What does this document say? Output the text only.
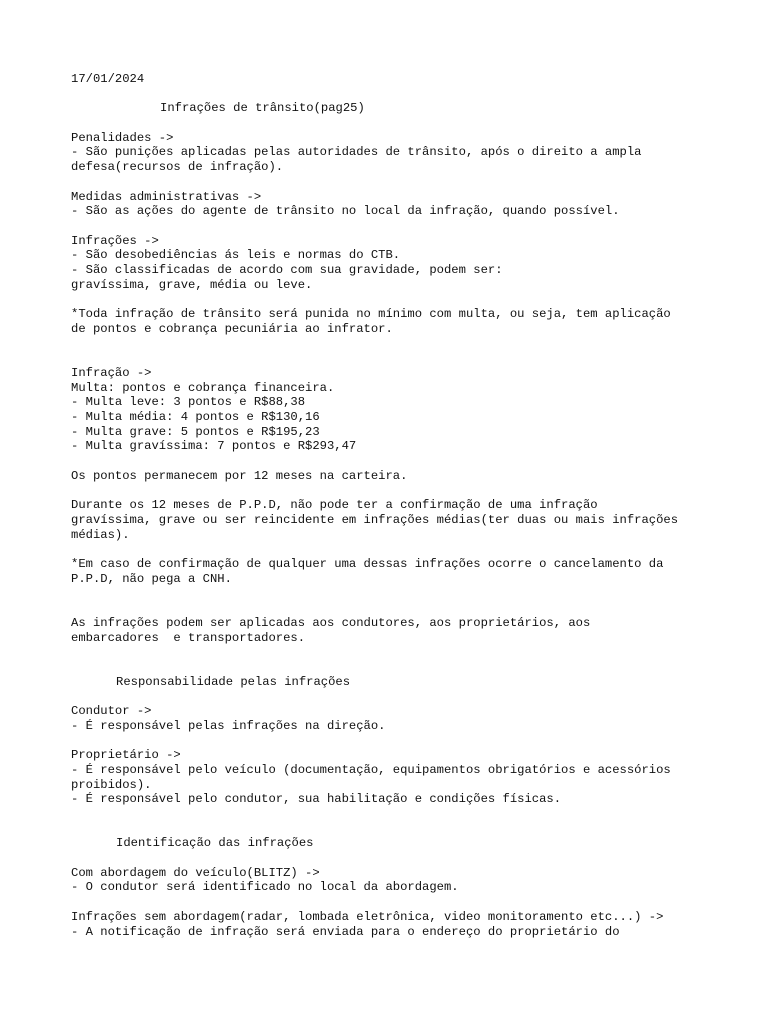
17/01/2024
Infrações de trânsito(pag25)
Penalidades ->
- São punições aplicadas pelas autoridades de trânsito, após o direito a ampla
defesa(recursos de infração).
Medidas administrativas ->
- São as ações do agente de trânsito no local da infração, quando possível.
Infrações ->
- São desobediências ás leis e normas do CTB.
- São classificadas de acordo com sua gravidade, podem ser:
gravíssima, grave, média ou leve.
*Toda infração de trânsito será punida no mínimo com multa, ou seja, tem aplicação
de pontos e cobrança pecuniária ao infrator.
Infração ->
Multa: pontos e cobrança financeira.
- Multa leve: 3 pontos e R$88,38
- Multa média: 4 pontos e R$130,16
- Multa grave: 5 pontos e R$195,23
- Multa gravíssima: 7 pontos e R$293,47
Os pontos permanecem por 12 meses na carteira.
Durante os 12 meses de P.P.D, não pode ter a confirmação de uma infração
gravíssima, grave ou ser reincidente em infrações médias(ter duas ou mais infrações
médias).
*Em caso de confirmação de qualquer uma dessas infrações ocorre o cancelamento da
P.P.D, não pega a CNH.
As infrações podem ser aplicadas aos condutores, aos proprietários, aos
embarcadores  e transportadores.
Responsabilidade pelas infrações
Condutor ->
- É responsável pelas infrações na direção.
Proprietário ->
- É responsável pelo veículo (documentação, equipamentos obrigatórios e acessórios
proibidos).
- É responsável pelo condutor, sua habilitação e condições físicas.
Identificação das infrações
Com abordagem do veículo(BLITZ) ->
- O condutor será identificado no local da abordagem.
Infrações sem abordagem(radar, lombada eletrônica, video monitoramento etc...) ->
- A notificação de infração será enviada para o endereço do proprietário do
